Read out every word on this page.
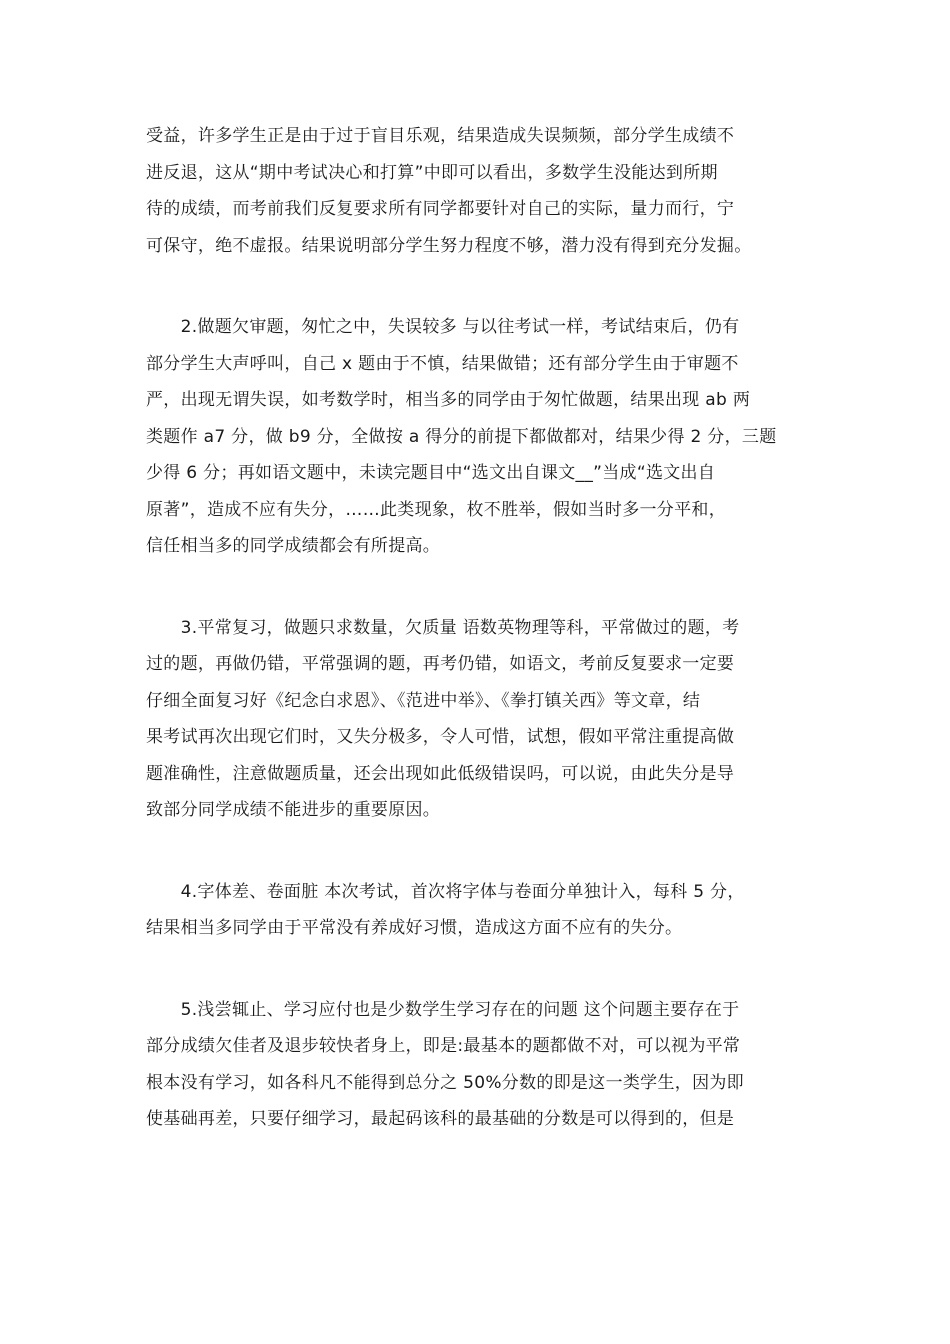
受益，许多学生正是由于过于盲目乐观，结果造成失误频频，部分学生成绩不
进反退，这从“期中考试决心和打算”中即可以看出，多数学生没能达到所期
待的成绩，而考前我们反复要求所有同学都要针对自己的实际，量力而行，宁
可保守，绝不虚报。结果说明部分学生努力程度不够，潜力没有得到充分发掘。

　　2.做题欠审题，匆忙之中，失误较多 与以往考试一样，考试结束后，仍有
部分学生大声呼叫，自己 x 题由于不慎，结果做错；还有部分学生由于审题不
严，出现无谓失误，如考数学时，相当多的同学由于匆忙做题，结果出现 ab 两
类题作 a7 分，做 b9 分，全做按 a 得分的前提下都做都对，结果少得 2 分，三题
少得 6 分；再如语文题中，未读完题目中“选文出自课文__”当成“选文出自
原著”，造成不应有失分，……此类现象，枚不胜举，假如当时多一分平和，
信任相当多的同学成绩都会有所提高。

　　3.平常复习，做题只求数量，欠质量 语数英物理等科，平常做过的题，考
过的题，再做仍错，平常强调的题，再考仍错，如语文，考前反复要求一定要
仔细全面复习好《纪念白求恩》、《范进中举》、《拳打镇关西》等文章，结
果考试再次出现它们时，又失分极多，令人可惜，试想，假如平常注重提高做
题准确性，注意做题质量，还会出现如此低级错误吗，可以说，由此失分是导
致部分同学成绩不能进步的重要原因。

　　4.字体差、卷面脏 本次考试，首次将字体与卷面分单独计入，每科 5 分，
结果相当多同学由于平常没有养成好习惯，造成这方面不应有的失分。

　　5.浅尝辄止、学习应付也是少数学生学习存在的问题 这个问题主要存在于
部分成绩欠佳者及退步较快者身上，即是:最基本的题都做不对，可以视为平常
根本没有学习，如各科凡不能得到总分之 50%分数的即是这一类学生，因为即
使基础再差，只要仔细学习，最起码该科的最基础的分数是可以得到的，但是
